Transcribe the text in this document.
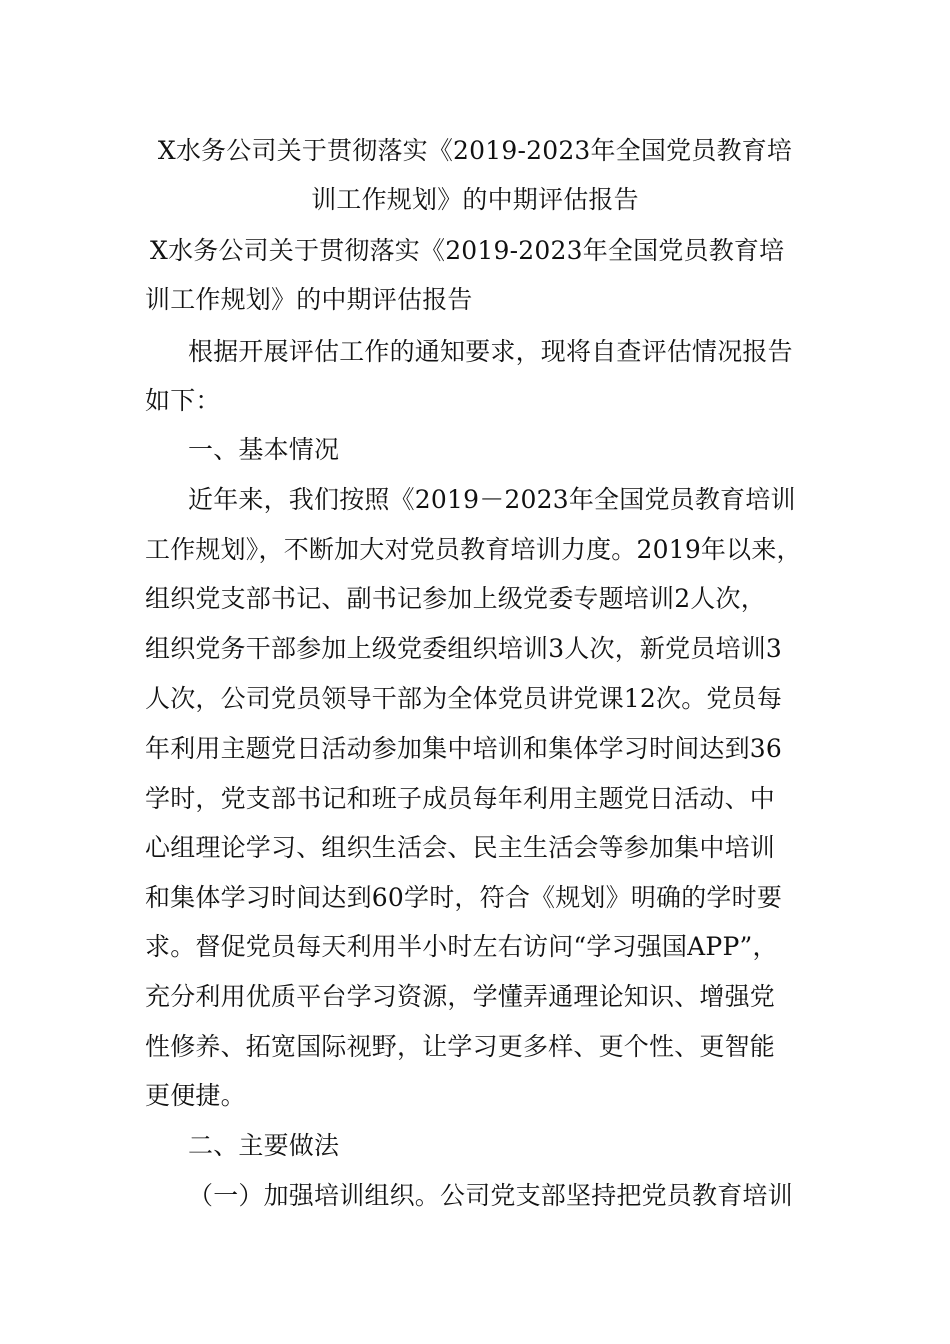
X水务公司关于贯彻落实《2019-2023年全国党员教育培
训工作规划》的中期评估报告
X水务公司关于贯彻落实《2019-2023年全国党员教育培
训工作规划》的中期评估报告
根据开展评估工作的通知要求，现将自查评估情况报告
如下：
一、基本情况
近年来，我们按照《2019－2023年全国党员教育培训
工作规划》，不断加大对党员教育培训力度。2019年以来，
组织党支部书记、副书记参加上级党委专题培训2人次，
组织党务干部参加上级党委组织培训3人次，新党员培训3
人次，公司党员领导干部为全体党员讲党课12次。党员每
年利用主题党日活动参加集中培训和集体学习时间达到36
学时，党支部书记和班子成员每年利用主题党日活动、中
心组理论学习、组织生活会、民主生活会等参加集中培训
和集体学习时间达到60学时，符合《规划》明确的学时要
求。督促党员每天利用半小时左右访问“学习强国APP”，
充分利用优质平台学习资源，学懂弄通理论知识、增强党
性修养、拓宽国际视野，让学习更多样、更个性、更智能
更便捷。
二、主要做法
（一）加强培训组织。公司党支部坚持把党员教育培训
